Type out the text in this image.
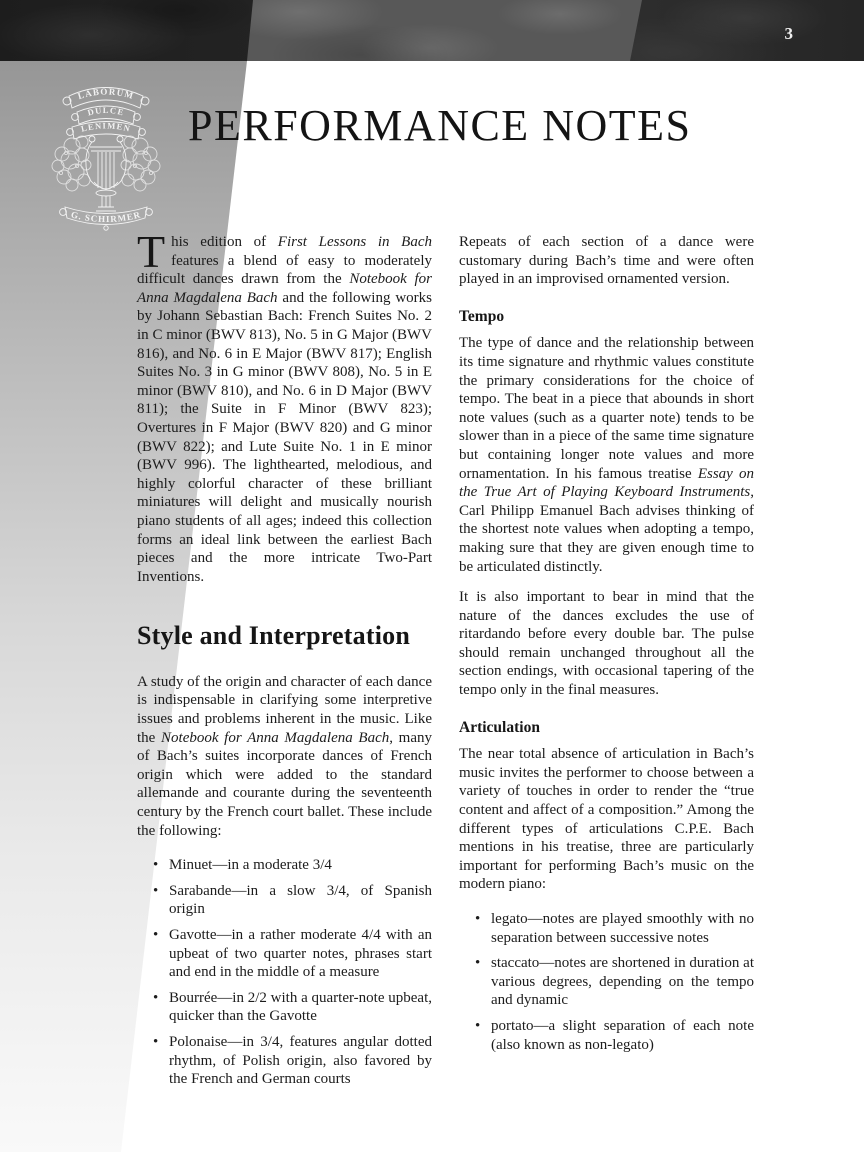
3
LABORUM
DULCE
LENIMEN
G. SCHIRMER
PERFORMANCE NOTES

This edition of First Lessons in Bach features a blend of easy to moderately difficult dances drawn from the Notebook for Anna Magdalena Bach and the following works by Johann Sebastian Bach: French Suites No. 2 in C minor (BWV 813), No. 5 in G Major (BWV 816), and No. 6 in E Major (BWV 817); English Suites No. 3 in G minor (BWV 808), No. 5 in E minor (BWV 810), and No. 6 in D Major (BWV 811); the Suite in F Minor (BWV 823); Overtures in F Major (BWV 820) and G minor (BWV 822); and Lute Suite No. 1 in E minor (BWV 996). The lighthearted, melodious, and highly colorful character of these brilliant miniatures will delight and musically nourish piano students of all ages; indeed this collection forms an ideal link between the earliest Bach pieces and the more intricate Two-Part Inventions.

Style and Interpretation

A study of the origin and character of each dance is indispensable in clarifying some interpretive issues and problems inherent in the music. Like the Notebook for Anna Magdalena Bach, many of Bach’s suites incorporate dances of French origin which were added to the standard allemande and courante during the seventeenth century by the French court ballet. These include the following:

• Minuet—in a moderate 3/4
• Sarabande—in a slow 3/4, of Spanish origin
• Gavotte—in a rather moderate 4/4 with an upbeat of two quarter notes, phrases start and end in the middle of a measure
• Bourrée—in 2/2 with a quarter-note upbeat, quicker than the Gavotte
• Polonaise—in 3/4, features angular dotted rhythm, of Polish origin, also favored by the French and German courts

Repeats of each section of a dance were customary during Bach’s time and were often played in an improvised ornamented version.

Tempo

The type of dance and the relationship between its time signature and rhythmic values constitute the primary considerations for the choice of tempo. The beat in a piece that abounds in short note values (such as a quarter note) tends to be slower than in a piece of the same time signature but containing longer note values and more ornamentation. In his famous treatise Essay on the True Art of Playing Keyboard Instruments, Carl Philipp Emanuel Bach advises thinking of the shortest note values when adopting a tempo, making sure that they are given enough time to be articulated distinctly.

It is also important to bear in mind that the nature of the dances excludes the use of ritardando before every double bar. The pulse should remain unchanged throughout all the section endings, with occasional tapering of the tempo only in the final measures.

Articulation

The near total absence of articulation in Bach’s music invites the performer to choose between a variety of touches in order to render the “true content and affect of a composition.” Among the different types of articulations C.P.E. Bach mentions in his treatise, three are particularly important for performing Bach’s music on the modern piano:

• legato—notes are played smoothly with no separation between successive notes
• staccato—notes are shortened in duration at various degrees, depending on the tempo and dynamic
• portato—a slight separation of each note (also known as non-legato)
